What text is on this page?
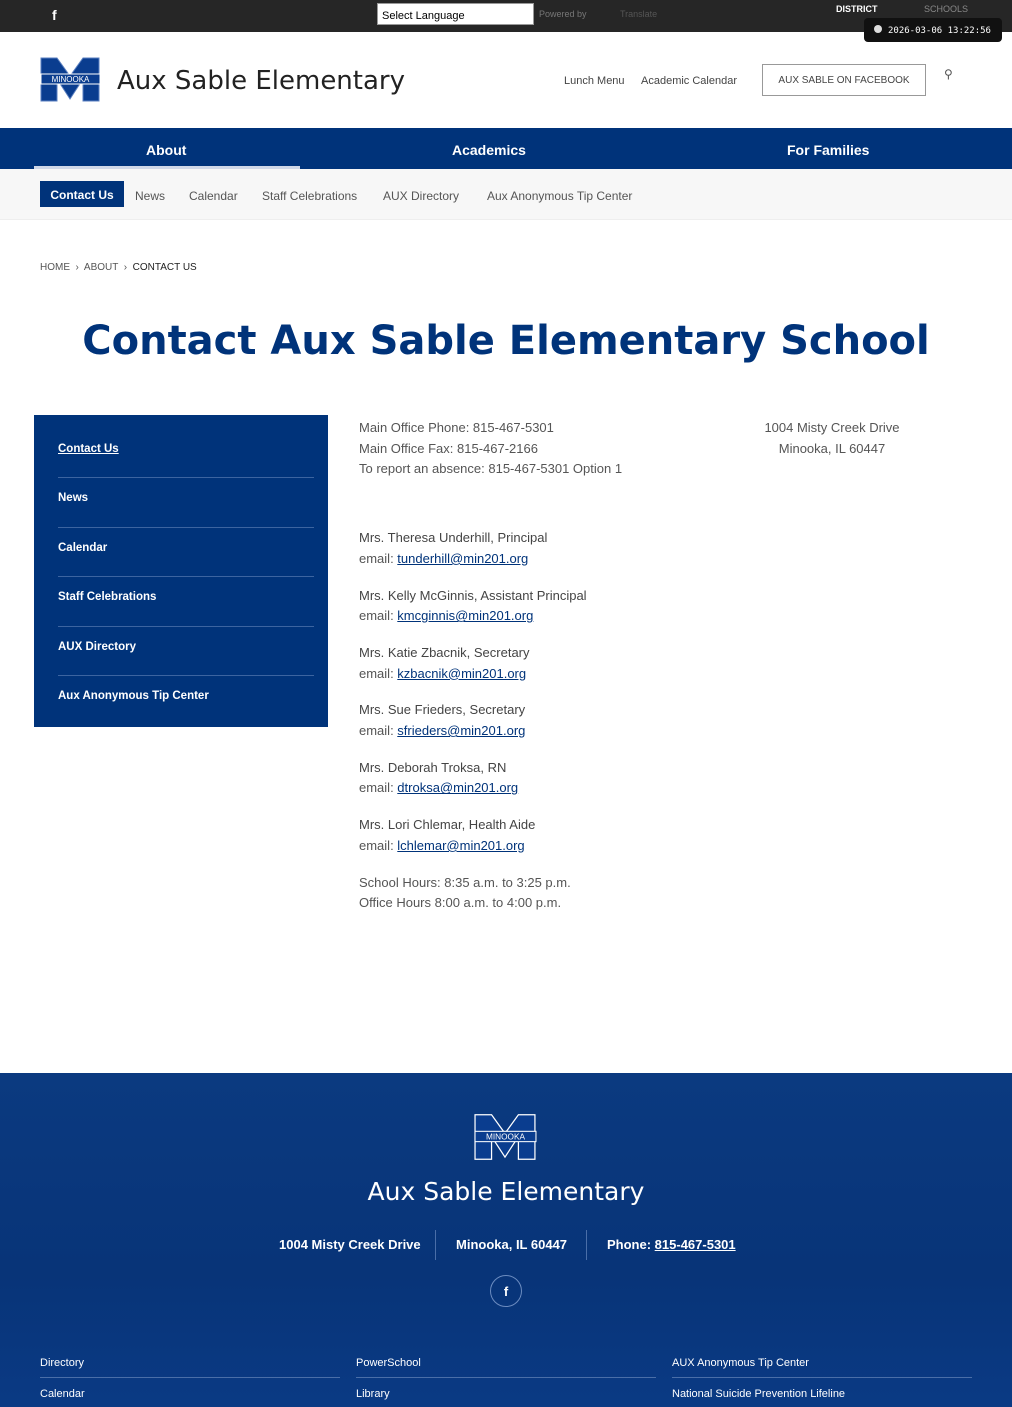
f	Select Language	Powered by	Translate	DISTRICT	SCHOOLS
2026-03-06 13:22:56
MINOOKA Aux Sable Elementary	Lunch Menu Academic Calendar	AUX SABLE ON FACEBOOK	⚲
About	Academics	For Families
Contact Us	News Calendar Staff Celebrations AUX Directory Aux Anonymous Tip Center
HOME  ›  ABOUT  ›  CONTACT US
Contact Aux Sable Elementary School
Contact Us
News
Calendar
Staff Celebrations
AUX Directory
Aux Anonymous Tip Center

Main Office Phone: 815-467-5301

Main Office Fax: 815-467-2166

To report an absence: 815-467-5301 Option 1

Mrs. Theresa Underhill, Principal

email: tunderhill@min201.org

Mrs. Kelly McGinnis, Assistant Principal

email: kmcginnis@min201.org

Mrs. Katie Zbacnik, Secretary

email: kzbacnik@min201.org

Mrs. Sue Frieders, Secretary

email: sfrieders@min201.org

Mrs. Deborah Troksa, RN

email: dtroksa@min201.org

Mrs. Lori Chlemar, Health Aide

email: lchlemar@min201.org

School Hours: 8:35 a.m. to 3:25 p.m.

Office Hours 8:00 a.m. to 4:00 p.m.

1004 Misty Creek Drive

Minooka, IL 60447

MINOOKA
Aux Sable Elementary
1004 Misty Creek Drive	Minooka, IL 60447	Phone: 815-467-5301
f
Directory	PowerSchool	AUX Anonymous Tip Center
Calendar	Library	National Suicide Prevention Lifeline
